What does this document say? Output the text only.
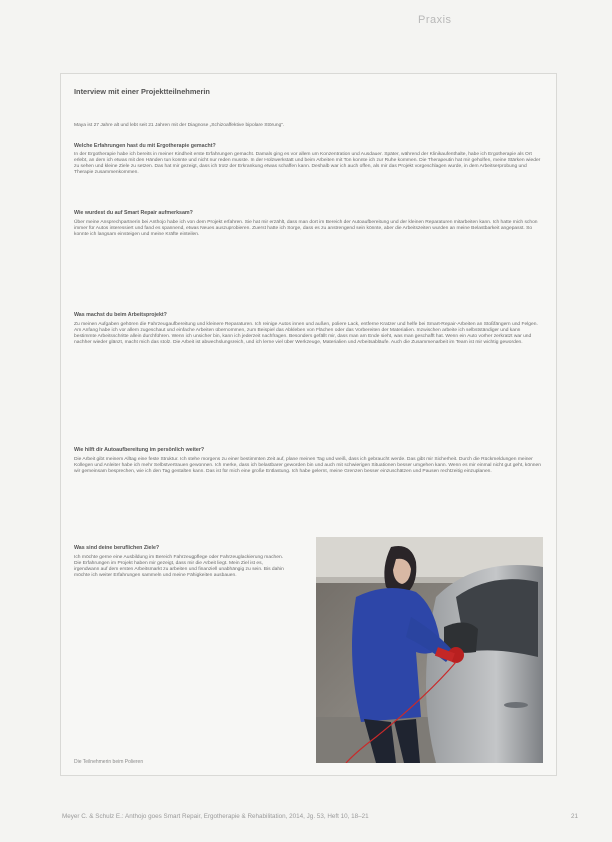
Praxis
Interview mit einer Projektteilnehmerin
Maya ist 27 Jahre alt und lebt seit 21 Jahren mit der Diagnose „Schizoaffektive bipolare Störung“.
Welche Erfahrungen hast du mit Ergotherapie gemacht?
In der Ergotherapie habe ich bereits in meiner Kindheit erste Erfahrungen gemacht. Damals ging es vor allem um Konzentration und Ausdauer. Später, während der Klinikaufenthalte, habe ich Ergotherapie als Ort erlebt, an dem ich etwas mit den Händen tun konnte und nicht nur reden musste. In der Holzwerkstatt und beim Arbeiten mit Ton konnte ich zur Ruhe kommen. Die Therapeutin hat mir geholfen, meine Stärken wieder zu sehen und kleine Ziele zu setzen. Das hat mir gezeigt, dass ich trotz der Erkrankung etwas schaffen kann. Deshalb war ich auch offen, als mir das Projekt vorgeschlagen wurde, in dem Arbeitserprobung und Therapie zusammenkommen.
Wie wurdest du auf Smart Repair aufmerksam?
Über meine Ansprechpartnerin bei Anthojo habe ich von dem Projekt erfahren. Sie hat mir erzählt, dass man dort im Bereich der Autoaufbereitung und der kleinen Reparaturen mitarbeiten kann. Ich hatte mich schon immer für Autos interessiert und fand es spannend, etwas Neues auszuprobieren. Zuerst hatte ich Sorge, dass es zu anstrengend sein könnte, aber die Arbeitszeiten wurden an meine Belastbarkeit angepasst. So konnte ich langsam einsteigen und meine Kräfte einteilen.
Was machst du beim Arbeitsprojekt?
Zu meinen Aufgaben gehören die Fahrzeugaufbereitung und kleinere Reparaturen. Ich reinige Autos innen und außen, poliere Lack, entferne Kratzer und helfe bei Smart-Repair-Arbeiten an Stoßfängern und Felgen. Am Anfang habe ich vor allem zugeschaut und einfache Arbeiten übernommen, zum Beispiel das Abkleben von Flächen oder das Vorbereiten der Materialien. Inzwischen arbeite ich selbstständiger und kann bestimmte Arbeitsschritte allein durchführen. Wenn ich unsicher bin, kann ich jederzeit nachfragen. Besonders gefällt mir, dass man am Ende sieht, was man geschafft hat. Wenn ein Auto vorher zerkratzt war und nachher wieder glänzt, macht mich das stolz. Die Arbeit ist abwechslungsreich, und ich lerne viel über Werkzeuge, Materialien und Arbeitsabläufe. Auch die Zusammenarbeit im Team ist mir wichtig geworden.
Wie hilft dir Autoaufbereitung im persönlich weiter?
Die Arbeit gibt meinem Alltag eine feste Struktur. Ich stehe morgens zu einer bestimmten Zeit auf, plane meinen Tag und weiß, dass ich gebraucht werde. Das gibt mir Sicherheit. Durch die Rückmeldungen meiner Kollegen und Anleiter habe ich mehr Selbstvertrauen gewonnen. Ich merke, dass ich belastbarer geworden bin und auch mit schwierigen Situationen besser umgehen kann. Wenn es mir einmal nicht gut geht, können wir gemeinsam besprechen, wie ich den Tag gestalten kann. Das ist für mich eine große Entlastung. Ich habe gelernt, meine Grenzen besser einzuschätzen und Pausen rechtzeitig einzuplanen.
Was sind deine beruflichen Ziele?
Ich möchte gerne eine Ausbildung im Bereich Fahrzeugpflege oder Fahrzeuglackierung machen. Die Erfahrungen im Projekt haben mir gezeigt, dass mir die Arbeit liegt. Mein Ziel ist es, irgendwann auf dem ersten Arbeitsmarkt zu arbeiten und finanziell unabhängig zu sein. Bis dahin möchte ich weiter Erfahrungen sammeln und meine Fähigkeiten ausbauen.
Die Teilnehmerin beim Polieren
Meyer C. & Schulz E.: Anthojo goes Smart Repair, Ergotherapie & Rehabilitation, 2014, Jg. 53, Heft 10, 18–21	21
